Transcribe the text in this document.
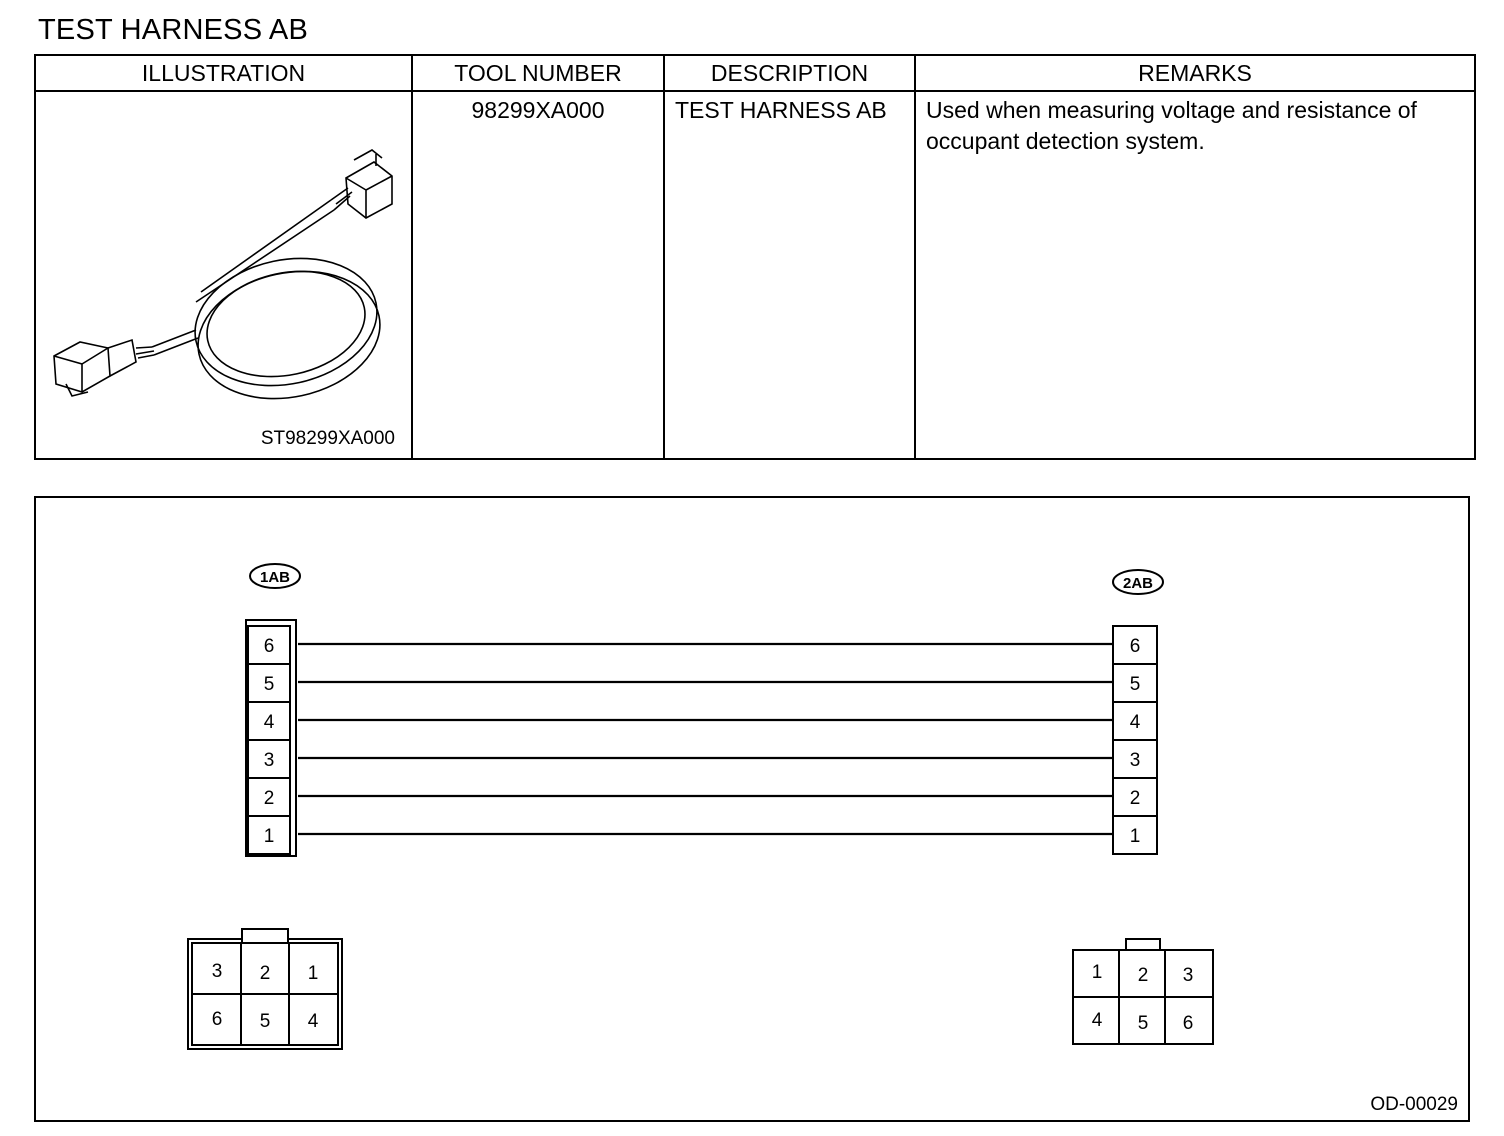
TEST HARNESS AB
ILLUSTRATION	TOOL NUMBER	DESCRIPTION	REMARKS

ST98299XA000	98299XA000	TEST HARNESS AB	Used when measuring voltage and resistance of occupant detection system.
1AB	2AB
6
5
4
3
2
1
6
5
4
3
2
1
3 2 1
6 5 4
1 2 3
4 5 6
OD-00029
